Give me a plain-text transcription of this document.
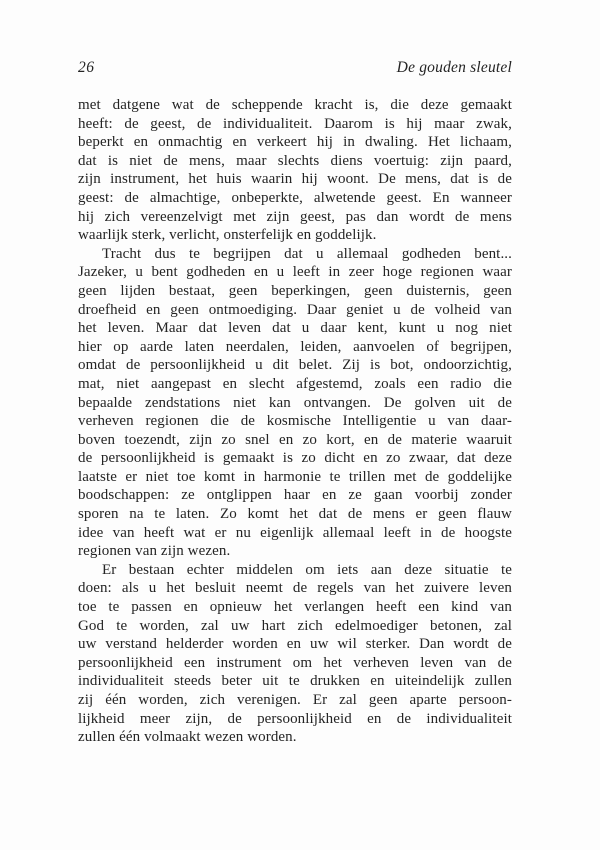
26	De gouden sleutel
met datgene wat de scheppende kracht is, die deze gemaakt
heeft: de geest, de individualiteit. Daarom is hij maar zwak,
beperkt en onmachtig en verkeert hij in dwaling. Het lichaam,
dat is niet de mens, maar slechts diens voertuig: zijn paard,
zijn instrument, het huis waarin hij woont. De mens, dat is de
geest: de almachtige, onbeperkte, alwetende geest. En wanneer
hij zich vereenzelvigt met zijn geest, pas dan wordt de mens
waarlijk sterk, verlicht, onsterfelijk en goddelijk.
Tracht dus te begrijpen dat u allemaal godheden bent...
Jazeker, u bent godheden en u leeft in zeer hoge regionen waar
geen lijden bestaat, geen beperkingen, geen duisternis, geen
droefheid en geen ontmoediging. Daar geniet u de volheid van
het leven. Maar dat leven dat u daar kent, kunt u nog niet
hier op aarde laten neerdalen, leiden, aanvoelen of begrijpen,
omdat de persoonlijkheid u dit belet. Zij is bot, ondoorzichtig,
mat, niet aangepast en slecht afgestemd, zoals een radio die
bepaalde zendstations niet kan ontvangen. De golven uit de
verheven regionen die de kosmische Intelligentie u van daar-
boven toezendt, zijn zo snel en zo kort, en de materie waaruit
de persoonlijkheid is gemaakt is zo dicht en zo zwaar, dat deze
laatste er niet toe komt in harmonie te trillen met de goddelijke
boodschappen: ze ontglippen haar en ze gaan voorbij zonder
sporen na te laten. Zo komt het dat de mens er geen flauw
idee van heeft wat er nu eigenlijk allemaal leeft in de hoogste
regionen van zijn wezen.
Er bestaan echter middelen om iets aan deze situatie te
doen: als u het besluit neemt de regels van het zuivere leven
toe te passen en opnieuw het verlangen heeft een kind van
God te worden, zal uw hart zich edelmoediger betonen, zal
uw verstand helderder worden en uw wil sterker. Dan wordt de
persoonlijkheid een instrument om het verheven leven van de
individualiteit steeds beter uit te drukken en uiteindelijk zullen
zij één worden, zich verenigen. Er zal geen aparte persoon-
lijkheid meer zijn, de persoonlijkheid en de individualiteit
zullen één volmaakt wezen worden.
